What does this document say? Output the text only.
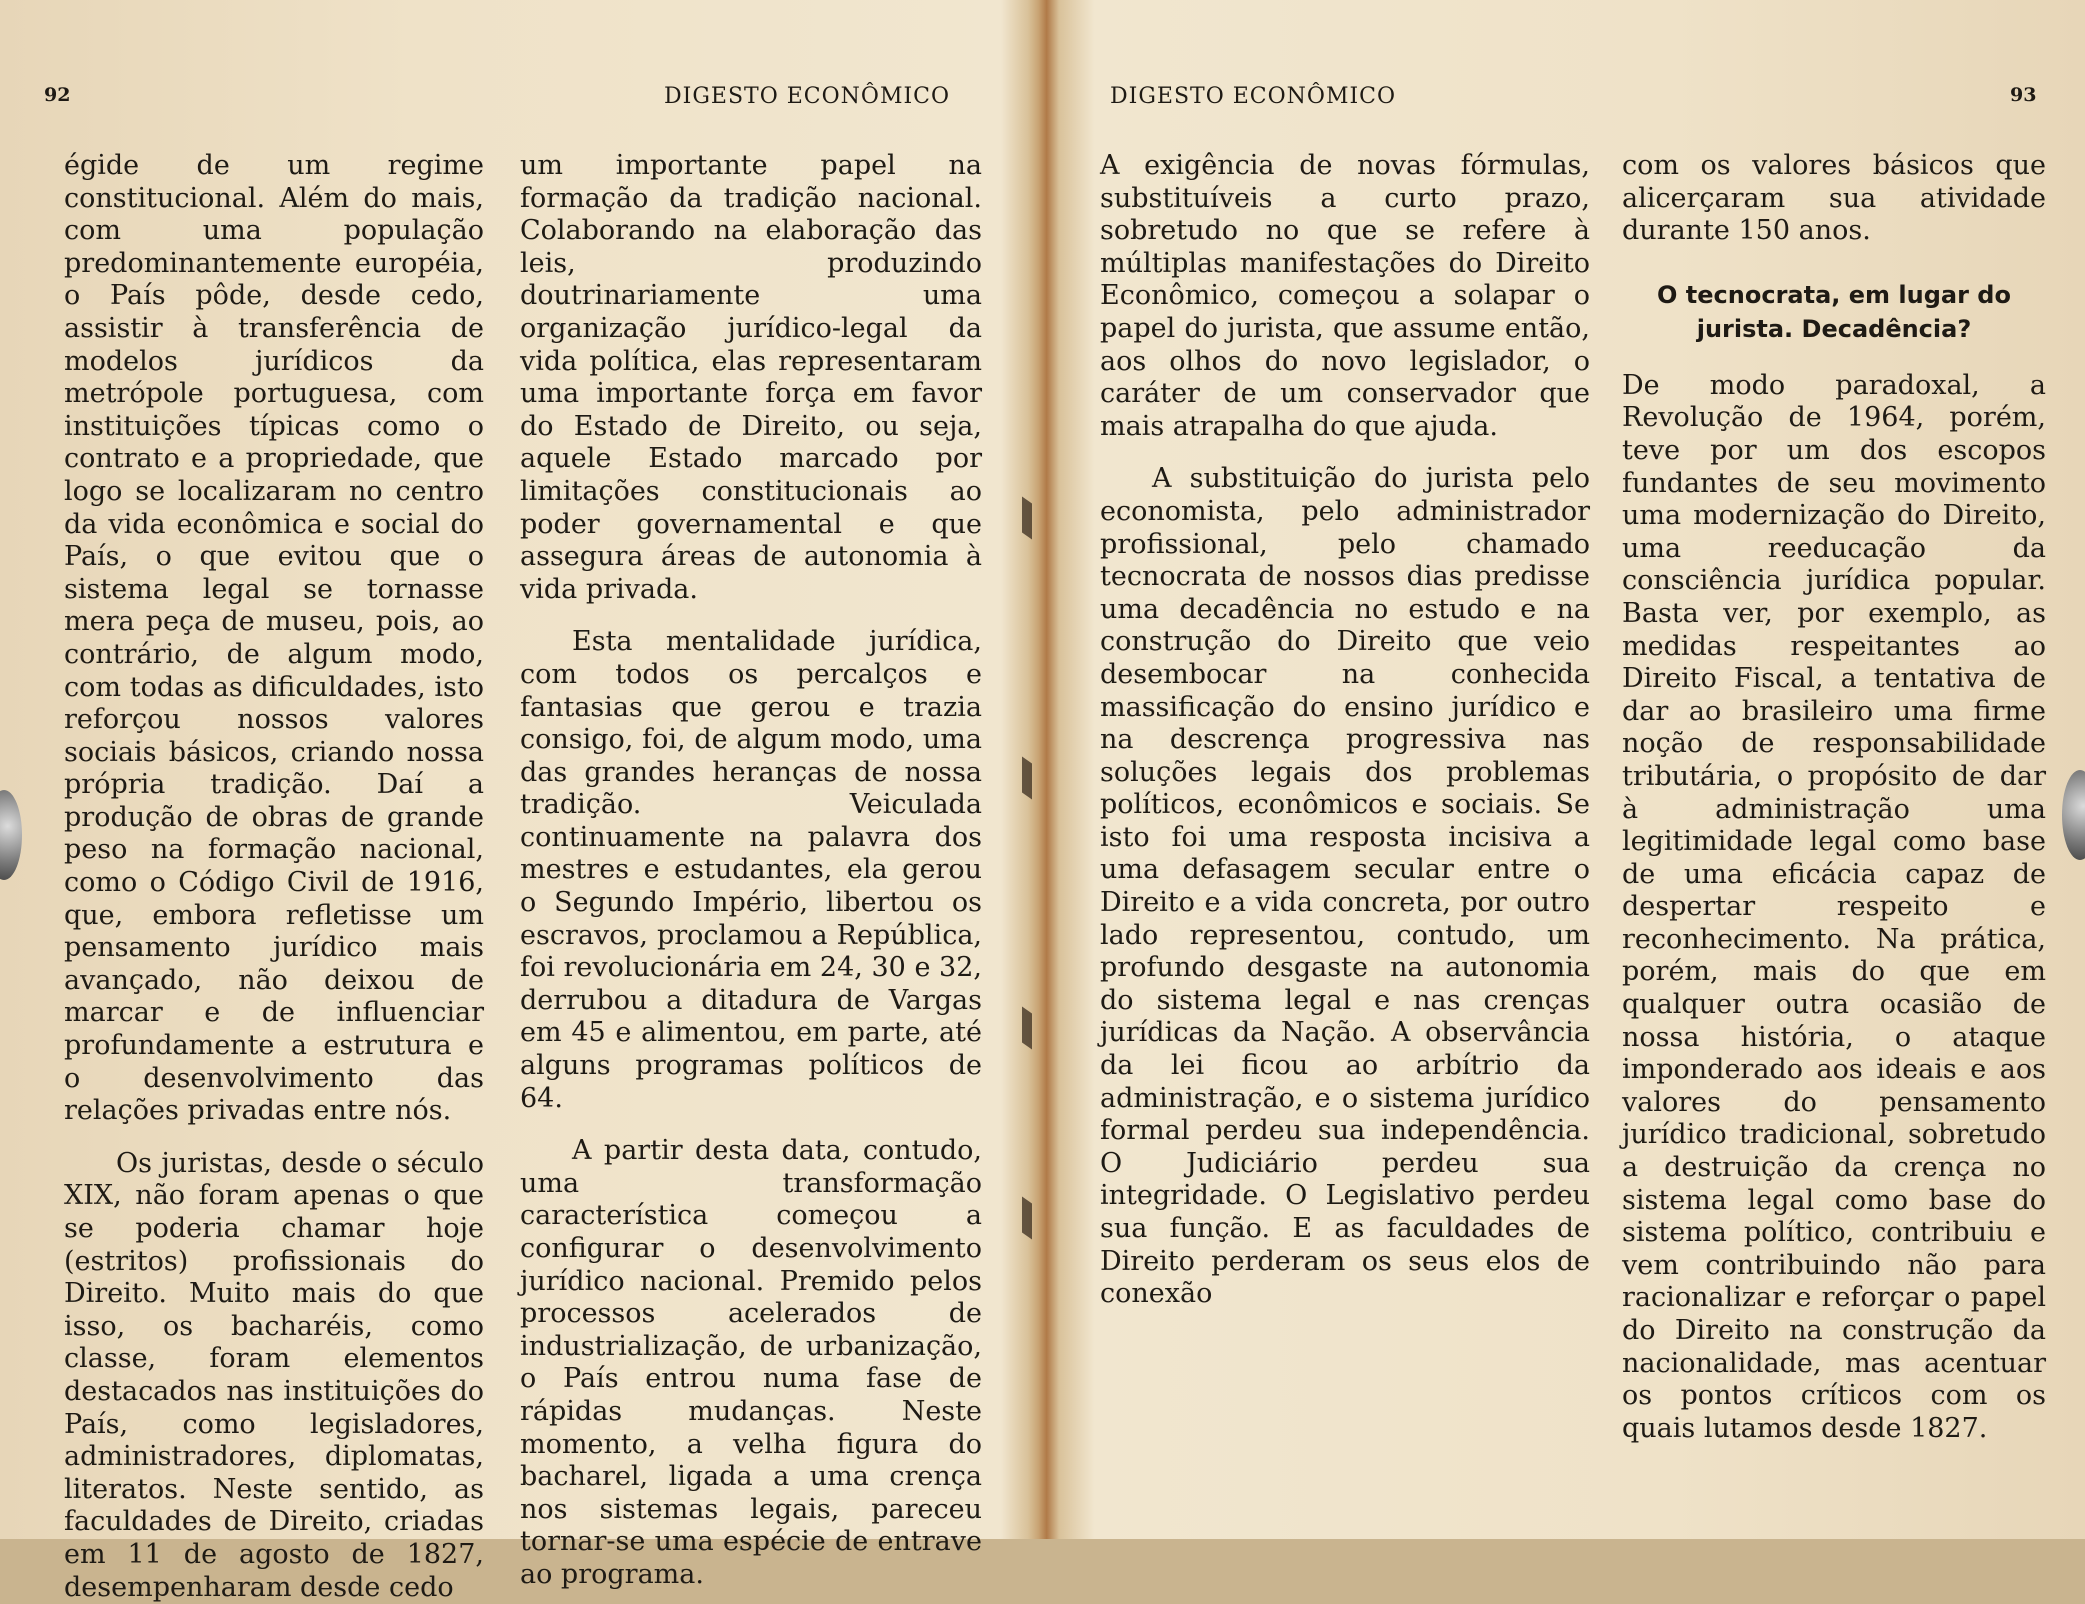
92	DIGESTO ECONÔMICO

égide de um regime constitucional. Além do mais, com uma população predominantemente européia, o País pôde, desde cedo, assistir à transferência de modelos jurídicos da metrópole portuguesa, com instituições típicas como o contrato e a propriedade, que logo se localizaram no centro da vida econômica e social do País, o que evitou que o sistema legal se tornasse mera peça de museu, pois, ao contrário, de algum modo, com todas as dificuldades, isto reforçou nossos valores sociais básicos, criando nossa própria tradição. Daí a produção de obras de grande peso na formação nacional, como o Código Civil de 1916, que, embora refletisse um pensamento jurídico mais avançado, não deixou de marcar e de influenciar profundamente a estrutura e o desenvolvimento das relações privadas entre nós.

Os juristas, desde o século XIX, não foram apenas o que se poderia chamar hoje (estritos) profissionais do Direito. Muito mais do que isso, os bacharéis, como classe, foram elementos destacados nas instituições do País, como legisladores, administradores, diplomatas, literatos. Neste sentido, as faculdades de Direito, criadas em 11 de agosto de 1827, desempenharam desde cedo

um importante papel na formação da tradição nacional. Colaborando na elaboração das leis, produzindo doutrinariamente uma organização jurídico-legal da vida política, elas representaram uma importante força em favor do Estado de Direito, ou seja, aquele Estado marcado por limitações constitucionais ao poder governamental e que assegura áreas de autonomia à vida privada.

Esta mentalidade jurídica, com todos os percalços e fantasias que gerou e trazia consigo, foi, de algum modo, uma das grandes heranças de nossa tradição. Veiculada continuamente na palavra dos mestres e estudantes, ela gerou o Segundo Império, libertou os escravos, proclamou a República, foi revolucionária em 24, 30 e 32, derrubou a ditadura de Vargas em 45 e alimentou, em parte, até alguns programas políticos de 64.

A partir desta data, contudo, uma transformação característica começou a configurar o desenvolvimento jurídico nacional. Premido pelos processos acelerados de industrialização, de urbanização, o País entrou numa fase de rápidas mudanças. Neste momento, a velha figura do bacharel, ligada a uma crença nos sistemas legais, pareceu tornar-se uma espécie de entrave ao programa.

DIGESTO ECONÔMICO	93

A exigência de novas fórmulas, substituíveis a curto prazo, sobretudo no que se refere à múltiplas manifestações do Direito Econômico, começou a solapar o papel do jurista, que assume então, aos olhos do novo legislador, o caráter de um conservador que mais atrapalha do que ajuda.

A substituição do jurista pelo economista, pelo administrador profissional, pelo chamado tecnocrata de nossos dias predisse uma decadência no estudo e na construção do Direito que veio desembocar na conhecida massificação do ensino jurídico e na descrença progressiva nas soluções legais dos problemas políticos, econômicos e sociais. Se isto foi uma resposta incisiva a uma defasagem secular entre o Direito e a vida concreta, por outro lado representou, contudo, um profundo desgaste na autonomia do sistema legal e nas crenças jurídicas da Nação. A observância da lei ficou ao arbítrio da administração, e o sistema jurídico formal perdeu sua independência. O Judiciário perdeu sua integridade. O Legislativo perdeu sua função. E as faculdades de Direito perderam os seus elos de conexão

com os valores básicos que alicerçaram sua atividade durante 150 anos.

O tecnocrata, em lugar do jurista. Decadência?

De modo paradoxal, a Revolução de 1964, porém, teve por um dos escopos fundantes de seu movimento uma modernização do Direito, uma reeducação da consciência jurídica popular. Basta ver, por exemplo, as medidas respeitantes ao Direito Fiscal, a tentativa de dar ao brasileiro uma firme noção de responsabilidade tributária, o propósito de dar à administração uma legitimidade legal como base de uma eficácia capaz de despertar respeito e reconhecimento. Na prática, porém, mais do que em qualquer outra ocasião de nossa história, o ataque imponderado aos ideais e aos valores do pensamento jurídico tradicional, sobretudo a destruição da crença no sistema legal como base do sistema político, contribuiu e vem contribuindo não para racionalizar e reforçar o papel do Direito na construção da nacionalidade, mas acentuar os pontos críticos com os quais lutamos desde 1827.
